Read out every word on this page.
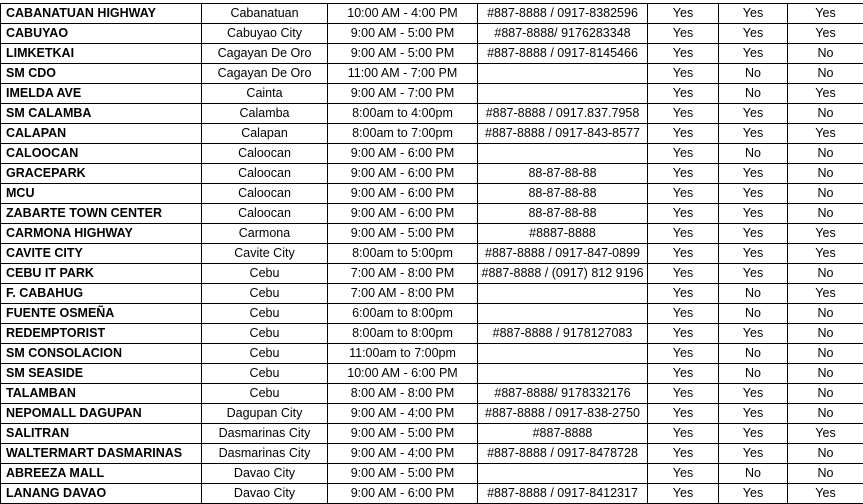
CABANATUAN HIGHWAY	Cabanatuan	10:00 AM - 4:00 PM	#887-8888 / 0917-8382596	Yes	Yes	Yes
CABUYAO	Cabuyao City	9:00 AM - 5:00 PM	#887-8888/ 9176283348	Yes	Yes	Yes
LIMKETKAI	Cagayan De Oro	9:00 AM - 5:00 PM	#887-8888 / 0917-8145466	Yes	Yes	No
SM CDO	Cagayan De Oro	11:00 AM - 7:00 PM		Yes	No	No
IMELDA AVE	Cainta	9:00 AM - 7:00 PM		Yes	No	Yes
SM CALAMBA	Calamba	8:00am to 4:00pm	#887-8888 / 0917.837.7958	Yes	Yes	No
CALAPAN	Calapan	8:00am to 7:00pm	#887-8888 / 0917-843-8577	Yes	Yes	Yes
CALOOCAN	Caloocan	9:00 AM - 6:00 PM		Yes	No	No
GRACEPARK	Caloocan	9:00 AM - 6:00 PM	88-87-88-88	Yes	Yes	No
MCU	Caloocan	9:00 AM - 6:00 PM	88-87-88-88	Yes	Yes	No
ZABARTE TOWN CENTER	Caloocan	9:00 AM - 6:00 PM	88-87-88-88	Yes	Yes	No
CARMONA HIGHWAY	Carmona	9:00 AM - 5:00 PM	#8887-8888	Yes	Yes	Yes
CAVITE CITY	Cavite City	8:00am to 5:00pm	#887-8888 / 0917-847-0899	Yes	Yes	Yes
CEBU IT PARK	Cebu	7:00 AM - 8:00 PM	#887-8888 / (0917) 812 9196	Yes	Yes	No
F. CABAHUG	Cebu	7:00 AM - 8:00 PM		Yes	No	Yes
FUENTE OSMEÑA	Cebu	6:00am to 8:00pm		Yes	No	No
REDEMPTORIST	Cebu	8:00am to 8:00pm	#887-8888 / 9178127083	Yes	Yes	No
SM CONSOLACION	Cebu	11:00am to 7:00pm		Yes	No	No
SM SEASIDE	Cebu	10:00 AM - 6:00 PM		Yes	No	No
TALAMBAN	Cebu	8:00 AM - 8:00 PM	#887-8888/ 9178332176	Yes	Yes	No
NEPOMALL DAGUPAN	Dagupan City	9:00 AM - 4:00 PM	#887-8888 / 0917-838-2750	Yes	Yes	No
SALITRAN	Dasmarinas City	9:00 AM - 5:00 PM	#887-8888	Yes	Yes	Yes
WALTERMART DASMARINAS	Dasmarinas City	9:00 AM - 4:00 PM	#887-8888 / 0917-8478728	Yes	Yes	No
ABREEZA MALL	Davao City	9:00 AM - 5:00 PM		Yes	No	No
LANANG DAVAO	Davao City	9:00 AM - 6:00 PM	#887-8888 / 0917-8412317	Yes	Yes	Yes
